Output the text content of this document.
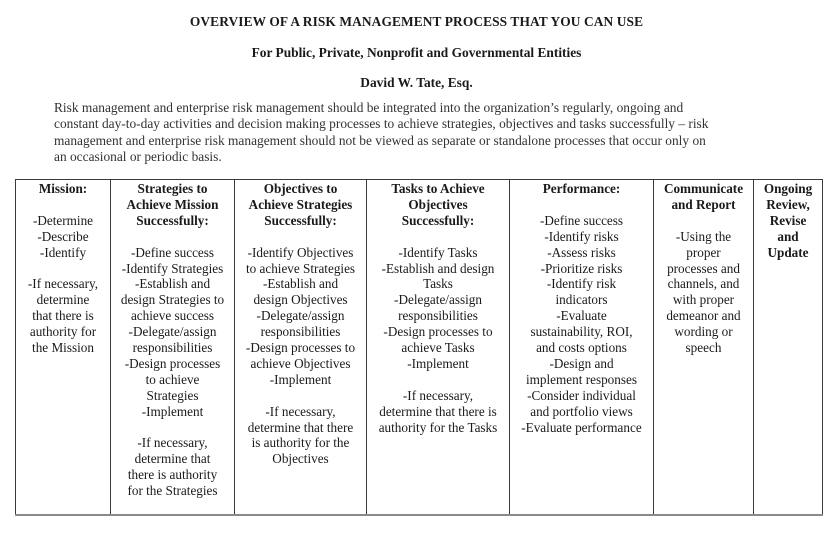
OVERVIEW OF A RISK MANAGEMENT PROCESS THAT YOU CAN USE
For Public, Private, Nonprofit and Governmental Entities
David W. Tate, Esq.
Risk management and enterprise risk management should be integrated into the organization’s regularly, ongoing and
constant day-to-day activities and decision making processes to achieve strategies, objectives and tasks successfully – risk
management and enterprise risk management should not be viewed as separate or standalone processes that occur only on
an occasional or periodic basis.
Mission:
-Determine
-Describe
-Identify
-If necessary,
determine
that there is
authority for
the Mission

Strategies to
Achieve Mission
Successfully:
-Define success
-Identify Strategies
-Establish and
design Strategies to
achieve success
-Delegate/assign
responsibilities
-Design processes
to achieve
Strategies
-Implement
-If necessary,
determine that
there is authority
for the Strategies

Objectives to
Achieve Strategies
Successfully:
-Identify Objectives
to achieve Strategies
-Establish and
design Objectives
-Delegate/assign
responsibilities
-Design processes to
achieve Objectives
-Implement
-If necessary,
determine that there
is authority for the
Objectives

Tasks to Achieve
Objectives
Successfully:
-Identify Tasks
-Establish and design
Tasks
-Delegate/assign
responsibilities
-Design processes to
achieve Tasks
-Implement
-If necessary,
determine that there is
authority for the Tasks

Performance:
-Define success
-Identify risks
-Assess risks
-Prioritize risks
-Identify risk
indicators
-Evaluate
sustainability, ROI,
and costs options
-Design and
implement responses
-Consider individual
and portfolio views
-Evaluate performance

Communicate
and Report
-Using the
proper
processes and
channels, and
with proper
demeanor and
wording or
speech

Ongoing
Review,
Revise
and
Update
